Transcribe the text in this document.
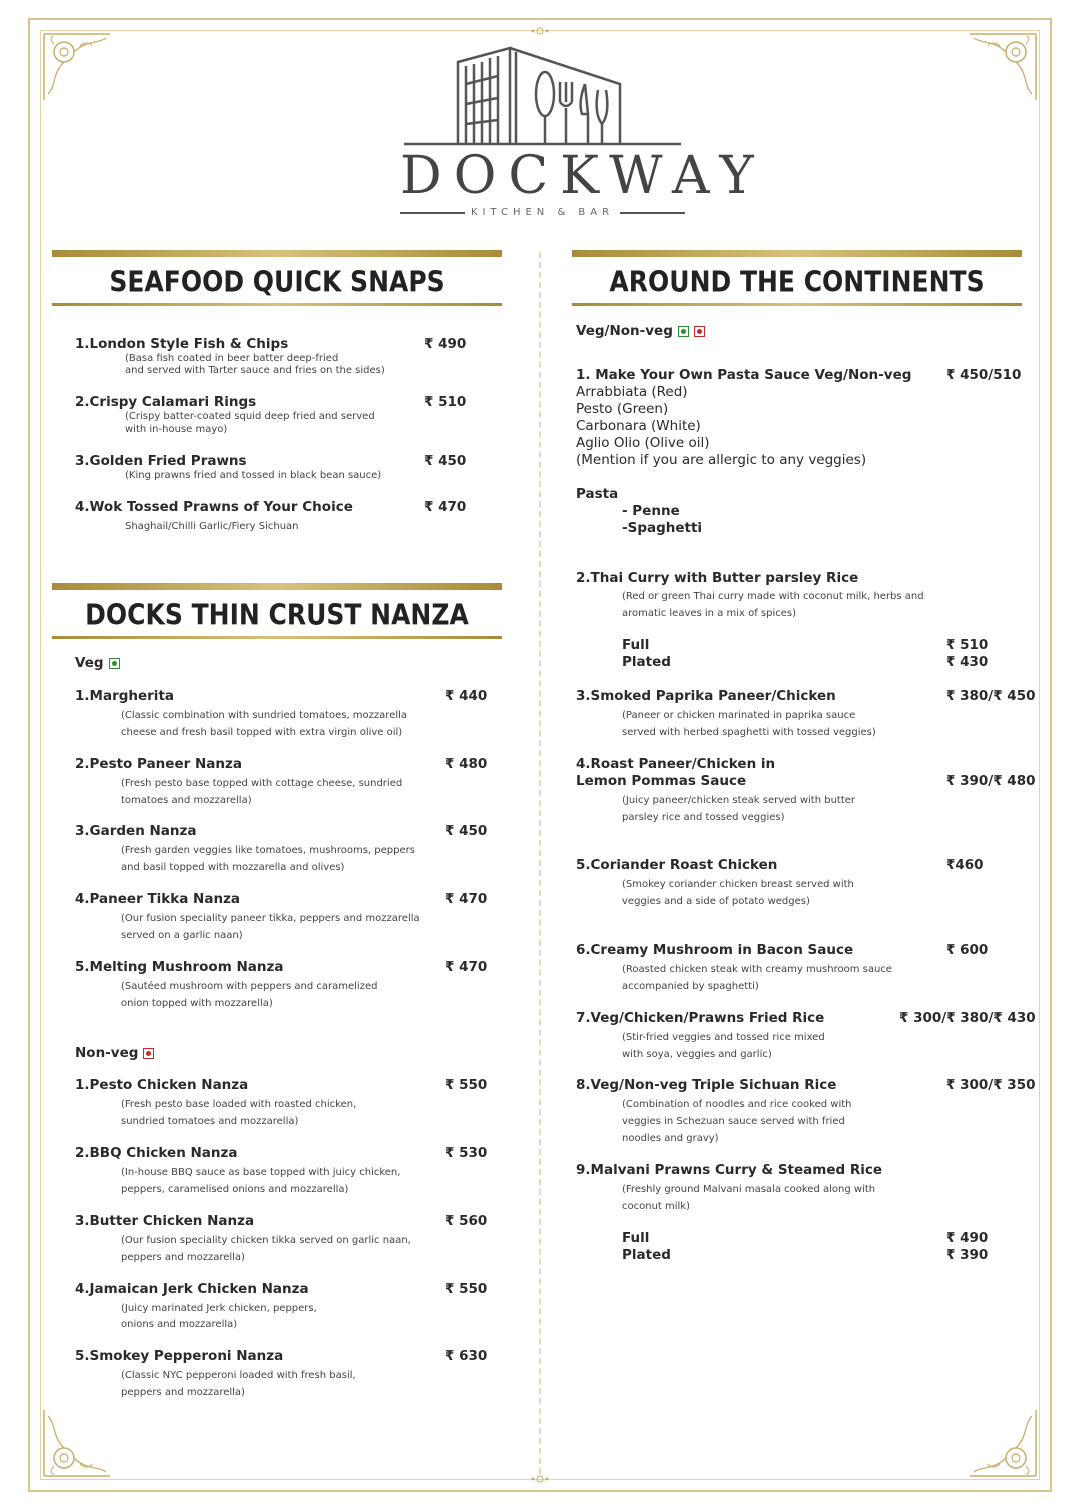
DOCKWAY
KITCHEN & BAR
SEAFOOD QUICK SNAPS	AROUND THE CONTINENTS
DOCKS THIN CRUST NANZA
1.London Style Fish & Chips	₹ 490
(Basa fish coated in beer batter deep-fried
and served with Tarter sauce and fries on the sides)
2.Crispy Calamari Rings	₹ 510
(Crispy batter-coated squid deep fried and served
with in-house mayo)
3.Golden Fried Prawns	₹ 450
(King prawns fried and tossed in black bean sauce)
4.Wok Tossed Prawns of Your Choice	₹ 470
Shaghail/Chilli Garlic/Fiery Sichuan
Veg
1.Margherita	₹ 440
(Classic combination with sundried tomatoes, mozzarella
cheese and fresh basil topped with extra virgin olive oil)
2.Pesto Paneer Nanza	₹ 480
(Fresh pesto base topped with cottage cheese, sundried
tomatoes and mozzarella)
3.Garden Nanza	₹ 450
(Fresh garden veggies like tomatoes, mushrooms, peppers
and basil topped with mozzarella and olives)
4.Paneer Tikka Nanza	₹ 470
(Our fusion speciality paneer tikka, peppers and mozzarella
served on a garlic naan)
5.Melting Mushroom Nanza	₹ 470
(Sautéed mushroom with peppers and caramelized
onion topped with mozzarella)
Non-veg
1.Pesto Chicken Nanza	₹ 550
(Fresh pesto base loaded with roasted chicken,
sundried tomatoes and mozzarella)
2.BBQ Chicken Nanza	₹ 530
(In-house BBQ sauce as base topped with juicy chicken,
peppers, caramelised onions and mozzarella)
3.Butter Chicken Nanza	₹ 560
(Our fusion speciality chicken tikka served on garlic naan,
peppers and mozzarella)
4.Jamaican Jerk Chicken Nanza	₹ 550
(Juicy marinated Jerk chicken, peppers,
onions and mozzarella)
5.Smokey Pepperoni Nanza	₹ 630
(Classic NYC pepperoni loaded with fresh basil,
peppers and mozzarella)
Veg/Non-veg
1. Make Your Own Pasta Sauce Veg/Non-veg	₹ 450/510
Arrabbiata (Red)
Pesto (Green)
Carbonara (White)
Aglio Olio (Olive oil)
(Mention if you are allergic to any veggies)
Pasta
- Penne
-Spaghetti
2.Thai Curry with Butter parsley Rice
(Red or green Thai curry made with coconut milk, herbs and
aromatic leaves in a mix of spices)
Full	₹ 510
Plated	₹ 430
3.Smoked Paprika Paneer/Chicken	₹ 380/₹ 450
(Paneer or chicken marinated in paprika sauce
served with herbed spaghetti with tossed veggies)
4.Roast Paneer/Chicken in
Lemon Pommas Sauce	₹ 390/₹ 480
(Juicy paneer/chicken steak served with butter
parsley rice and tossed veggies)
5.Coriander Roast Chicken	₹460
(Smokey coriander chicken breast served with
veggies and a side of potato wedges)
6.Creamy Mushroom in Bacon Sauce	₹ 600
(Roasted chicken steak with creamy mushroom sauce
accompanied by spaghetti)
7.Veg/Chicken/Prawns Fried Rice	₹ 300/₹ 380/₹ 430
(Stir-fried veggies and tossed rice mixed
with soya, veggies and garlic)
8.Veg/Non-veg Triple Sichuan Rice	₹ 300/₹ 350
(Combination of noodles and rice cooked with
veggies in Schezuan sauce served with fried
noodles and gravy)
9.Malvani Prawns Curry & Steamed Rice
(Freshly ground Malvani masala cooked along with
coconut milk)
Full	₹ 490
Plated	₹ 390
